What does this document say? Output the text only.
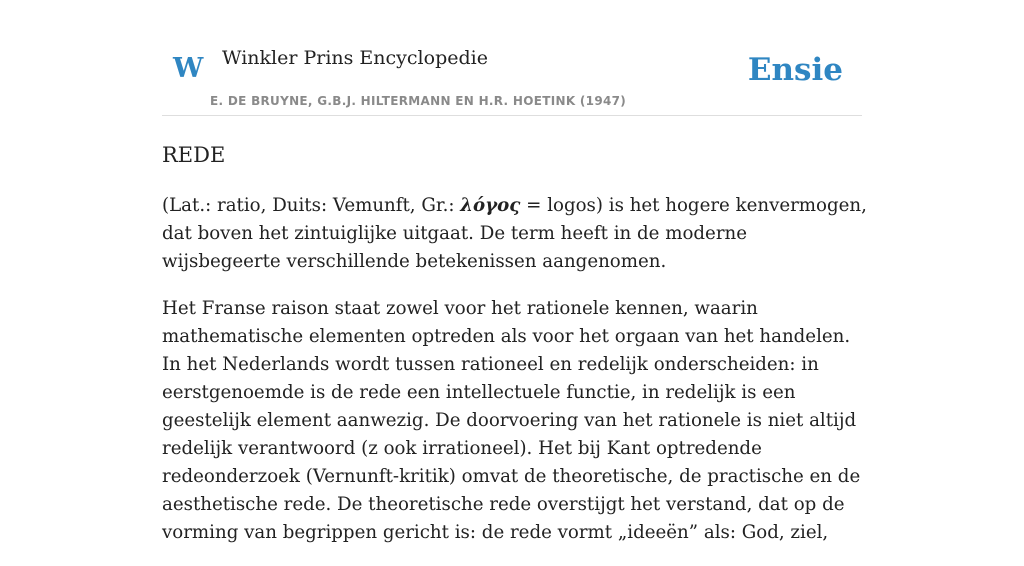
W Winkler Prins Encyclopedie
E. DE BRUYNE, G.B.J. HILTERMANN EN H.R. HOETINK (1947)
Ensie
REDE

(Lat.: ratio, Duits: Vemunft, Gr.: λόγος = logos) is het hogere kenvermogen, dat boven het zintuiglijke uitgaat. De term heeft in de moderne wijsbegeerte verschillende betekenissen aangenomen.

Het Franse raison staat zowel voor het rationele kennen, waarin mathematische elementen optreden als voor het orgaan van het handelen. In het Nederlands wordt tussen rationeel en redelijk onderscheiden: in eerstgenoemde is de rede een intellectuele functie, in redelijk is een geestelijk element aanwezig. De doorvoering van het rationele is niet altijd redelijk verantwoord (z ook irrationeel). Het bij Kant optredende redeonderzoek (Vernunft-kritik) omvat de theoretische, de practische en de aesthetische rede. De theoretische rede overstijgt het verstand, dat op de vorming van begrippen gericht is: de rede vormt „ideeën” als: God, ziel,
